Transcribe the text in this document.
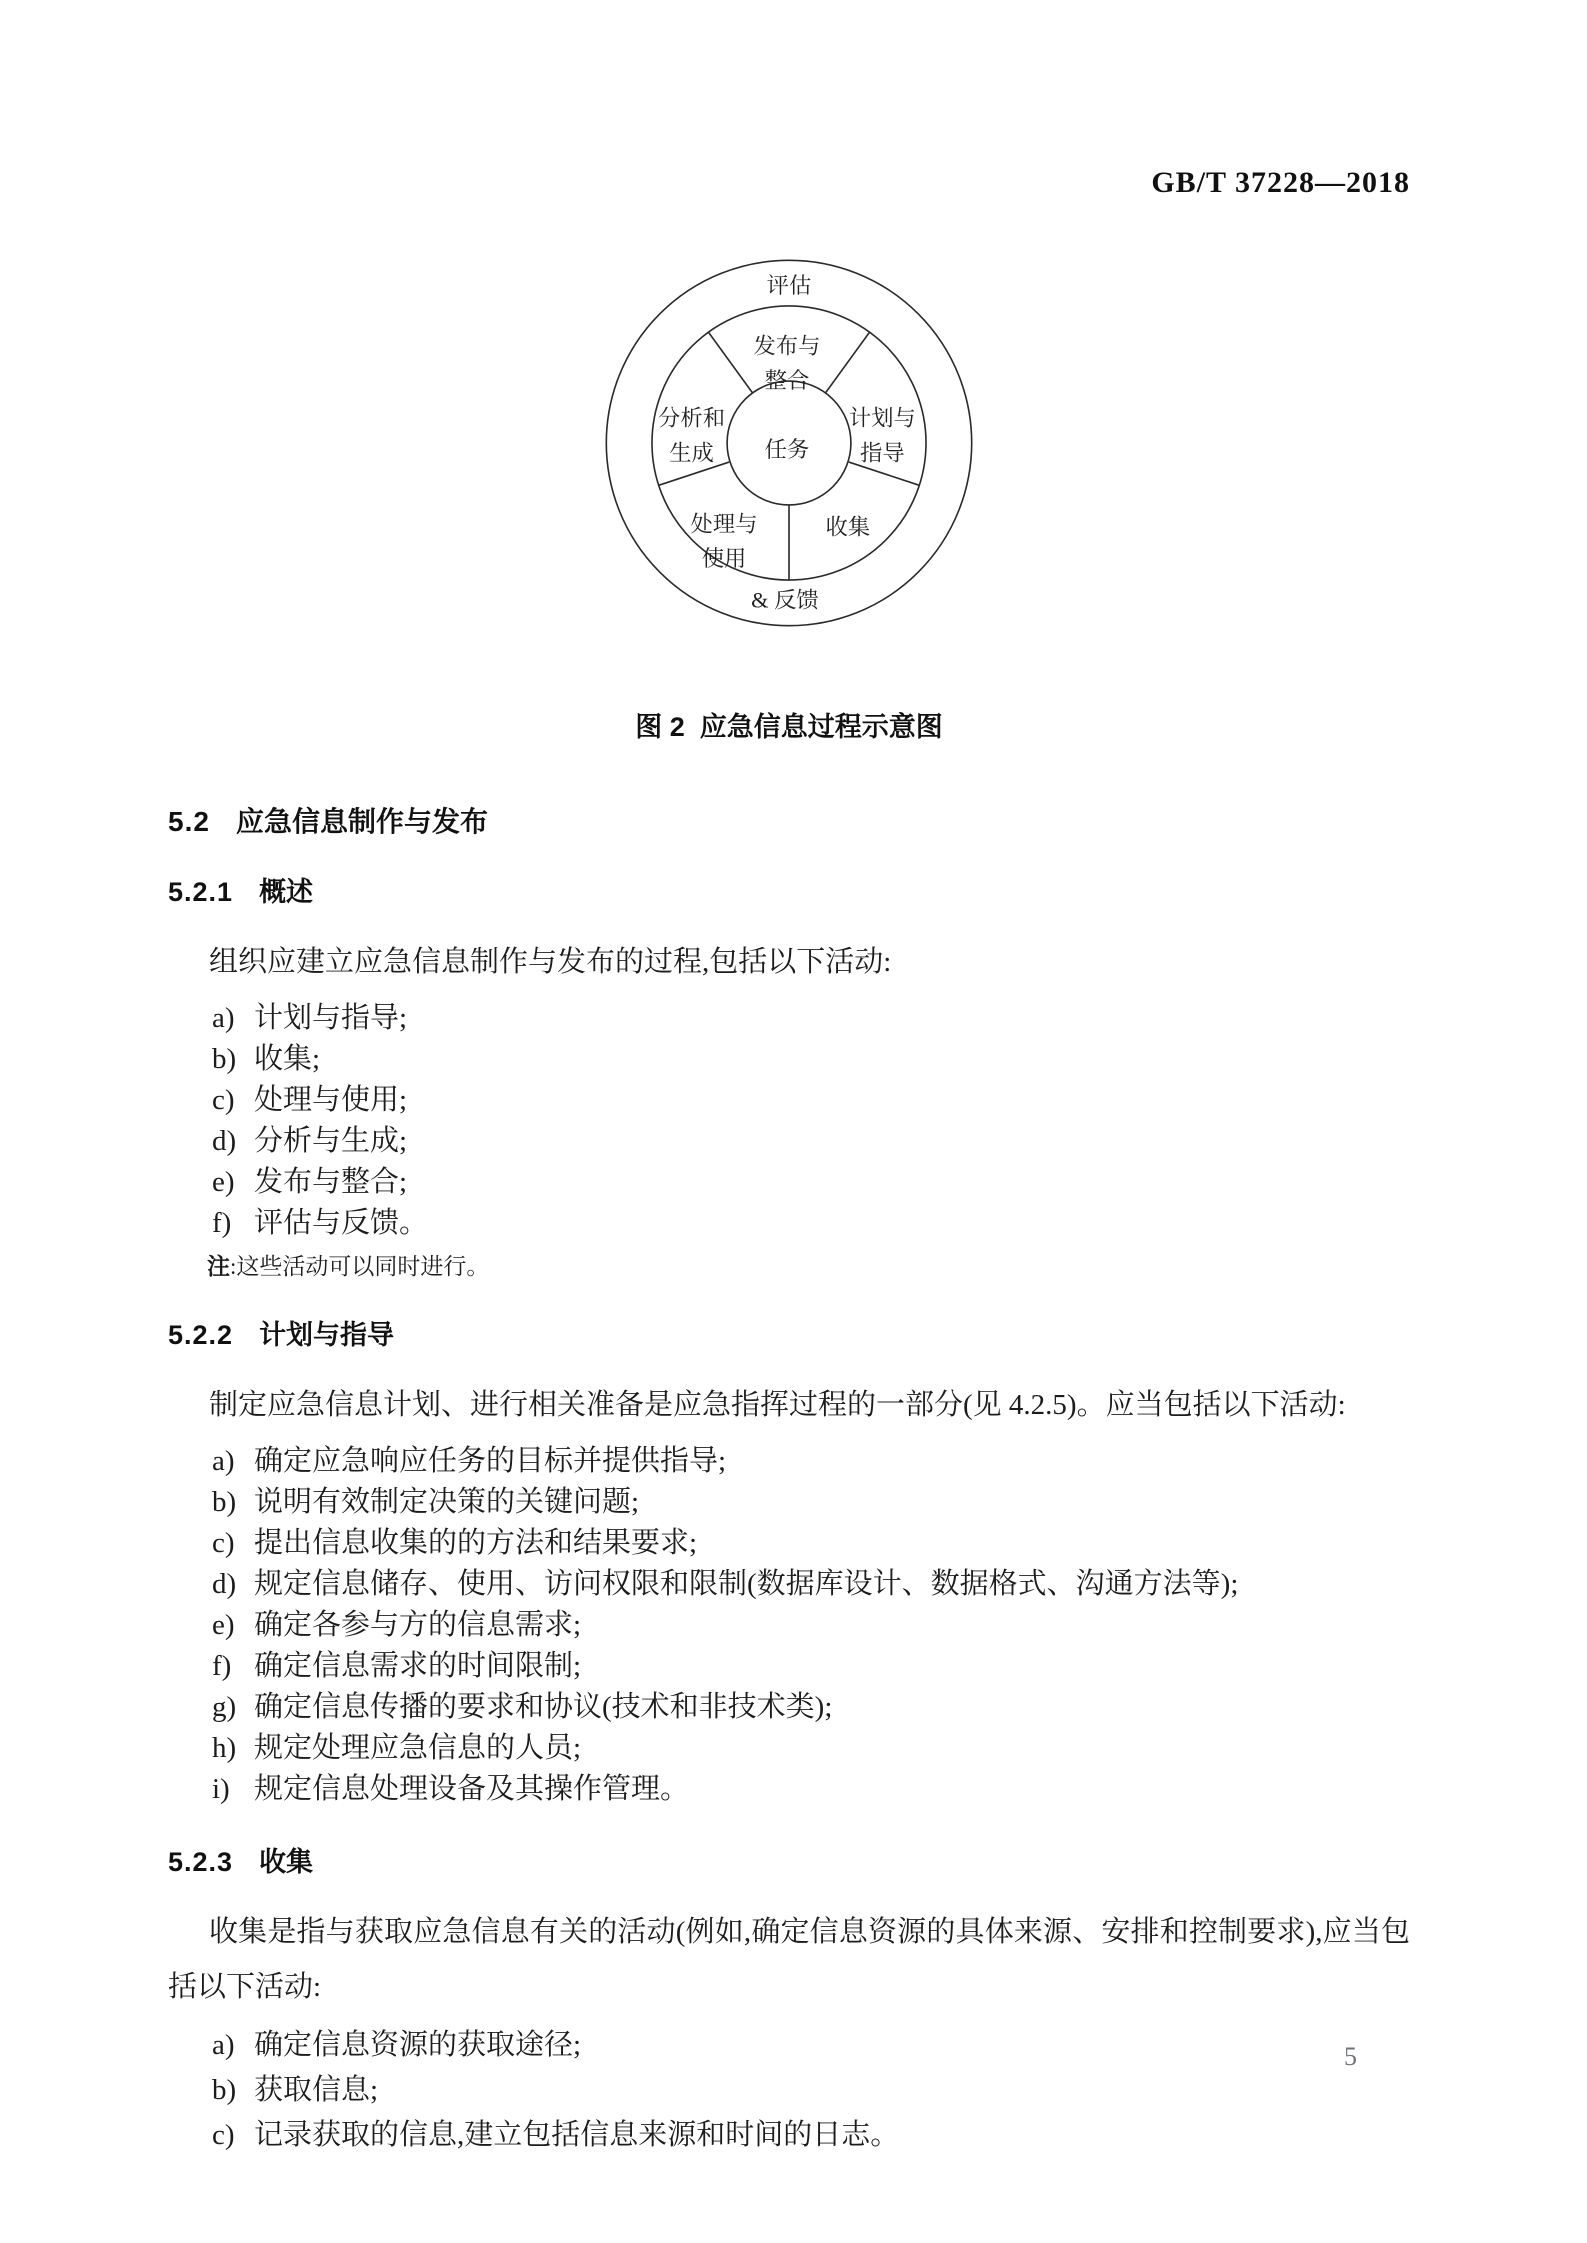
GB/T 37228—2018
评估
& 反馈
发布与
整合
计划与
指导
收集
处理与
使用
分析和
生成 任务
图 2  应急信息过程示意图
5.2 应急信息制作与发布
5.2.1 概述
组织应建立应急信息制作与发布的过程,包括以下活动:
a) 计划与指导;
b) 收集;
c) 处理与使用;
d) 分析与生成;
e) 发布与整合;
f) 评估与反馈。
注:这些活动可以同时进行。
5.2.2 计划与指导
制定应急信息计划、进行相关准备是应急指挥过程的一部分(见 4.2.5)。应当包括以下活动:
a) 确定应急响应任务的目标并提供指导;
b) 说明有效制定决策的关键问题;
c) 提出信息收集的的方法和结果要求;
d) 规定信息储存、使用、访问权限和限制(数据库设计、数据格式、沟通方法等);
e) 确定各参与方的信息需求;
f) 确定信息需求的时间限制;
g) 确定信息传播的要求和协议(技术和非技术类);
h) 规定处理应急信息的人员;
i) 规定信息处理设备及其操作管理。
5.2.3 收集
收集是指与获取应急信息有关的活动(例如,确定信息资源的具体来源、安排和控制要求),应当包括以下活动:
a) 确定信息资源的获取途径;
b) 获取信息;
c) 记录获取的信息,建立包括信息来源和时间的日志。
5
